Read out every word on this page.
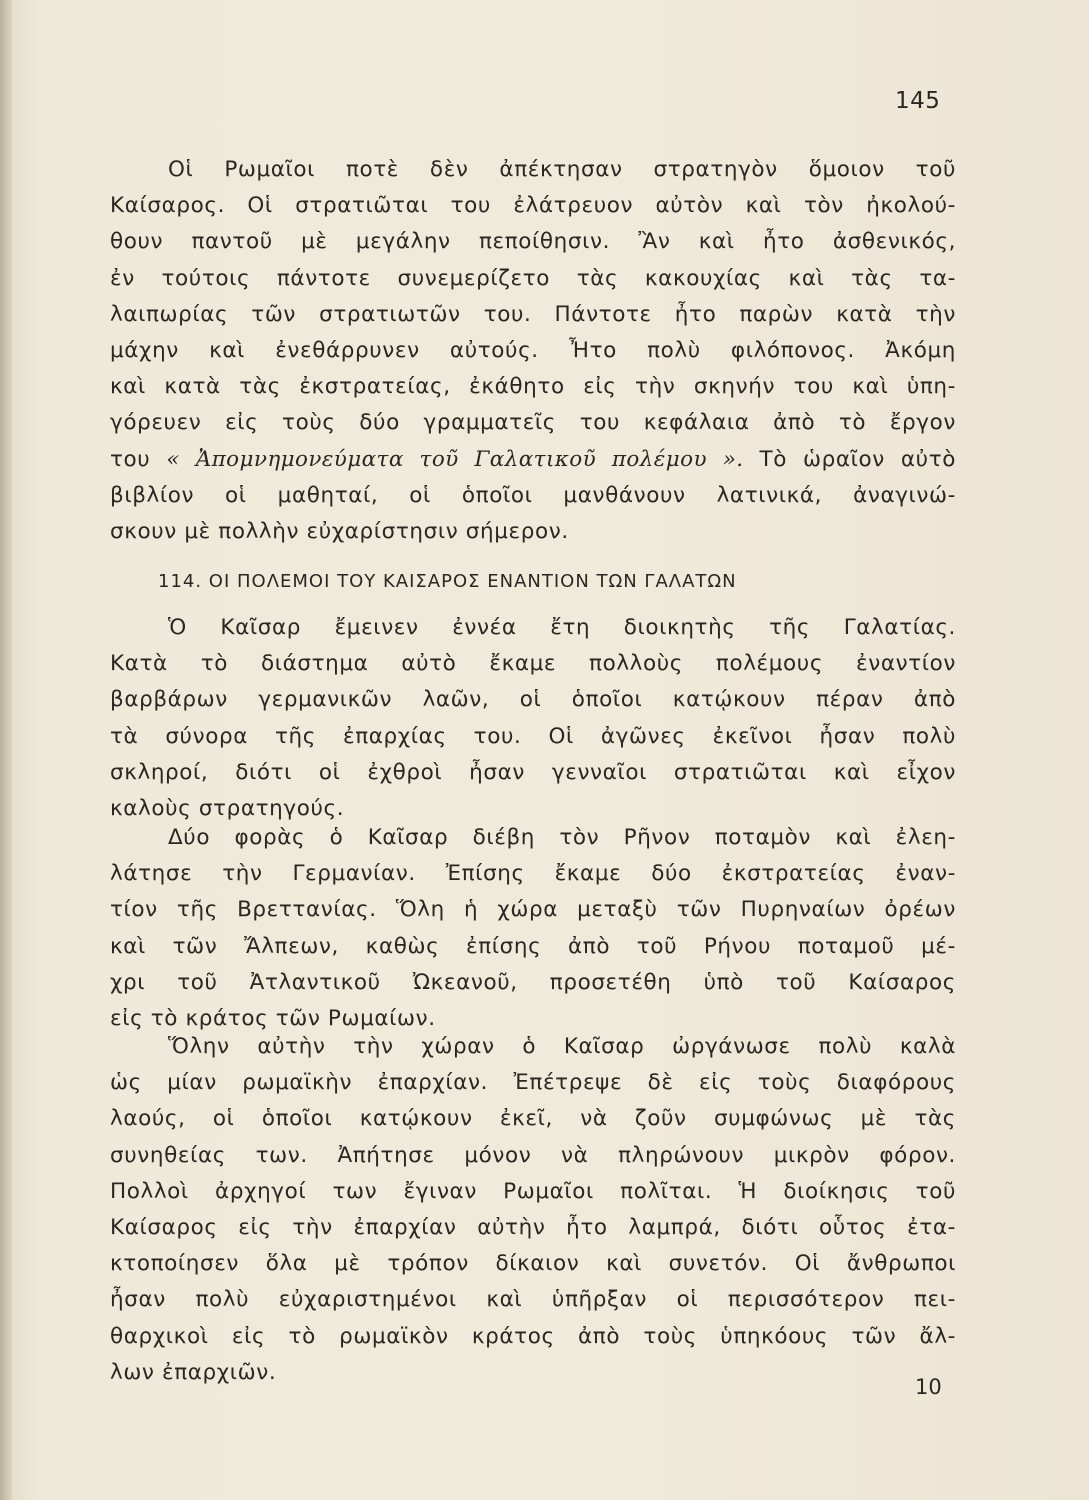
145
Οἱ Ρωμαῖοι ποτὲ δὲν ἀπέκτησαν στρατηγὸν ὅμοιον τοῦ
Καίσαρος. Οἱ στρατιῶται του ἐλάτρευον αὐτὸν καὶ τὸν ἠκολού-
θουν παντοῦ μὲ μεγάλην πεποίθησιν. Ἂν καὶ ἦτο ἀσθενικός,
ἐν τούτοις πάντοτε συνεμερίζετο τὰς κακουχίας καὶ τὰς τα-
λαιπωρίας τῶν στρατιωτῶν του. Πάντοτε ἦτο παρὼν κατὰ τὴν
μάχην καὶ ἐνεθάρρυνεν αὐτούς. Ἦτο πολὺ φιλόπονος. Ἀκόμη
καὶ κατὰ τὰς ἐκστρατείας, ἐκάθητο εἰς τὴν σκηνήν του καὶ ὑπη-
γόρευεν εἰς τοὺς δύο γραμματεῖς του κεφάλαια ἀπὸ τὸ ἔργον
του « Ἀπομνημονεύματα τοῦ Γαλατικοῦ πολέμου ». Τὸ ὡραῖον αὐτὸ
βιβλίον οἱ μαθηταί, οἱ ὁποῖοι μανθάνουν λατινικά, ἀναγινώ-
σκουν μὲ πολλὴν εὐχαρίστησιν σήμερον.
114. ΟΙ ΠΟΛΕΜΟΙ ΤΟΥ ΚΑΙΣΑΡΟΣ ΕΝΑΝΤΙΟΝ ΤΩΝ ΓΑΛΑΤΩΝ
Ὁ Καῖσαρ ἔμεινεν ἐννέα ἔτη διοικητὴς τῆς Γαλατίας.
Κατὰ τὸ διάστημα αὐτὸ ἔκαμε πολλοὺς πολέμους ἐναντίον
βαρβάρων γερμανικῶν λαῶν, οἱ ὁποῖοι κατῴκουν πέραν ἀπὸ
τὰ σύνορα τῆς ἐπαρχίας του. Οἱ ἀγῶνες ἐκεῖνοι ἦσαν πολὺ
σκληροί, διότι οἱ ἐχθροὶ ἦσαν γενναῖοι στρατιῶται καὶ εἶχον
καλοὺς στρατηγούς.
Δύο φορὰς ὁ Καῖσαρ διέβη τὸν Ρῆνον ποταμὸν καὶ ἐλεη-
λάτησε τὴν Γερμανίαν. Ἐπίσης ἔκαμε δύο ἐκστρατείας ἐναν-
τίον τῆς Βρεττανίας. Ὅλη ἡ χώρα μεταξὺ τῶν Πυρηναίων ὀρέων
καὶ τῶν Ἄλπεων, καθὼς ἐπίσης ἀπὸ τοῦ Ρήνου ποταμοῦ μέ-
χρι τοῦ Ἀτλαντικοῦ Ὠκεανοῦ, προσετέθη ὑπὸ τοῦ Καίσαρος
εἰς τὸ κράτος τῶν Ρωμαίων.
Ὅλην αὐτὴν τὴν χώραν ὁ Καῖσαρ ὠργάνωσε πολὺ καλὰ
ὡς μίαν ρωμαϊκὴν ἐπαρχίαν. Ἐπέτρεψε δὲ εἰς τοὺς διαφόρους
λαούς, οἱ ὁποῖοι κατῴκουν ἐκεῖ, νὰ ζοῦν συμφώνως μὲ τὰς
συνηθείας των. Ἀπήτησε μόνον νὰ πληρώνουν μικρὸν φόρον.
Πολλοὶ ἀρχηγοί των ἔγιναν Ρωμαῖοι πολῖται. Ἡ διοίκησις τοῦ
Καίσαρος εἰς τὴν ἐπαρχίαν αὐτὴν ἦτο λαμπρά, διότι οὗτος ἐτα-
κτοποίησεν ὅλα μὲ τρόπον δίκαιον καὶ συνετόν. Οἱ ἄνθρωποι
ἦσαν πολὺ εὐχαριστημένοι καὶ ὑπῆρξαν οἱ περισσότερον πει-
θαρχικοὶ εἰς τὸ ρωμαϊκὸν κράτος ἀπὸ τοὺς ὑπηκόους τῶν ἄλ-
λων ἐπαρχιῶν.
10
